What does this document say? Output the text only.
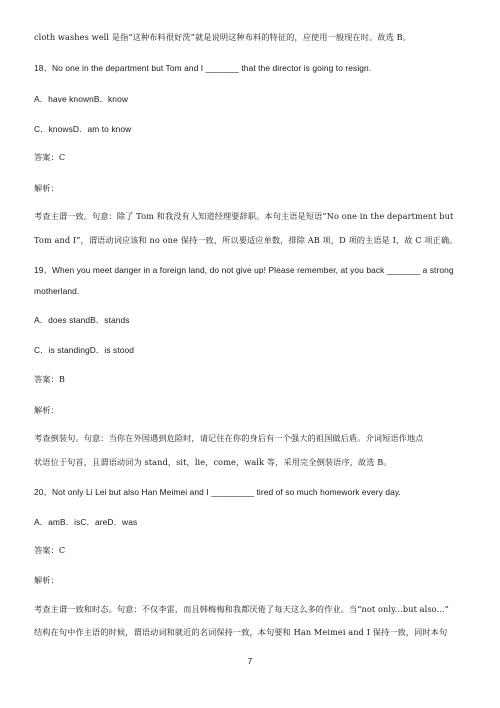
cloth washes well 是指“这种布料很好洗”就是说明这种布料的特征的，应使用一般现在时。故选 B。
18、No one in the department but Tom and I _______ that the director is going to resign.
A．have knownB．know
C．knowsD．am to know
答案：C
解析：
考查主谓一致。句意：除了 Tom 和我没有人知道经理要辞职。本句主语是短语“No one in the department but
Tom and I”，谓语动词应该和 no one 保持一致，所以要适应单数，排除 AB 项，D 项的主语是 I，故 C 项正确。
19、When you meet danger in a foreign land, do not give up! Please remember, at you back _______ a strong
motherland.
A．does standB．stands
C．is standingD．is stood
答案：B
解析：
考查倒装句。句意：当你在外国遇到危险时，请记住在你的身后有一个强大的祖国做后盾。介词短语作地点
状语位于句首，且谓语动词为 stand，sit，lie，come，walk 等，采用完全倒装语序，故选 B。
20、Not only Li Lei but also Han Meimei and I _________ tired of so much homework every day.
A．amB．isC．areD．was
答案：C
解析：
考查主谓一致和时态。句意：不仅李雷，而且韩梅梅和我都厌倦了每天这么多的作业。当“not only...but also...”
结构在句中作主语的时候，谓语动词和就近的名词保持一致，本句要和 Han Meimei and I 保持一致，同时本句
7
